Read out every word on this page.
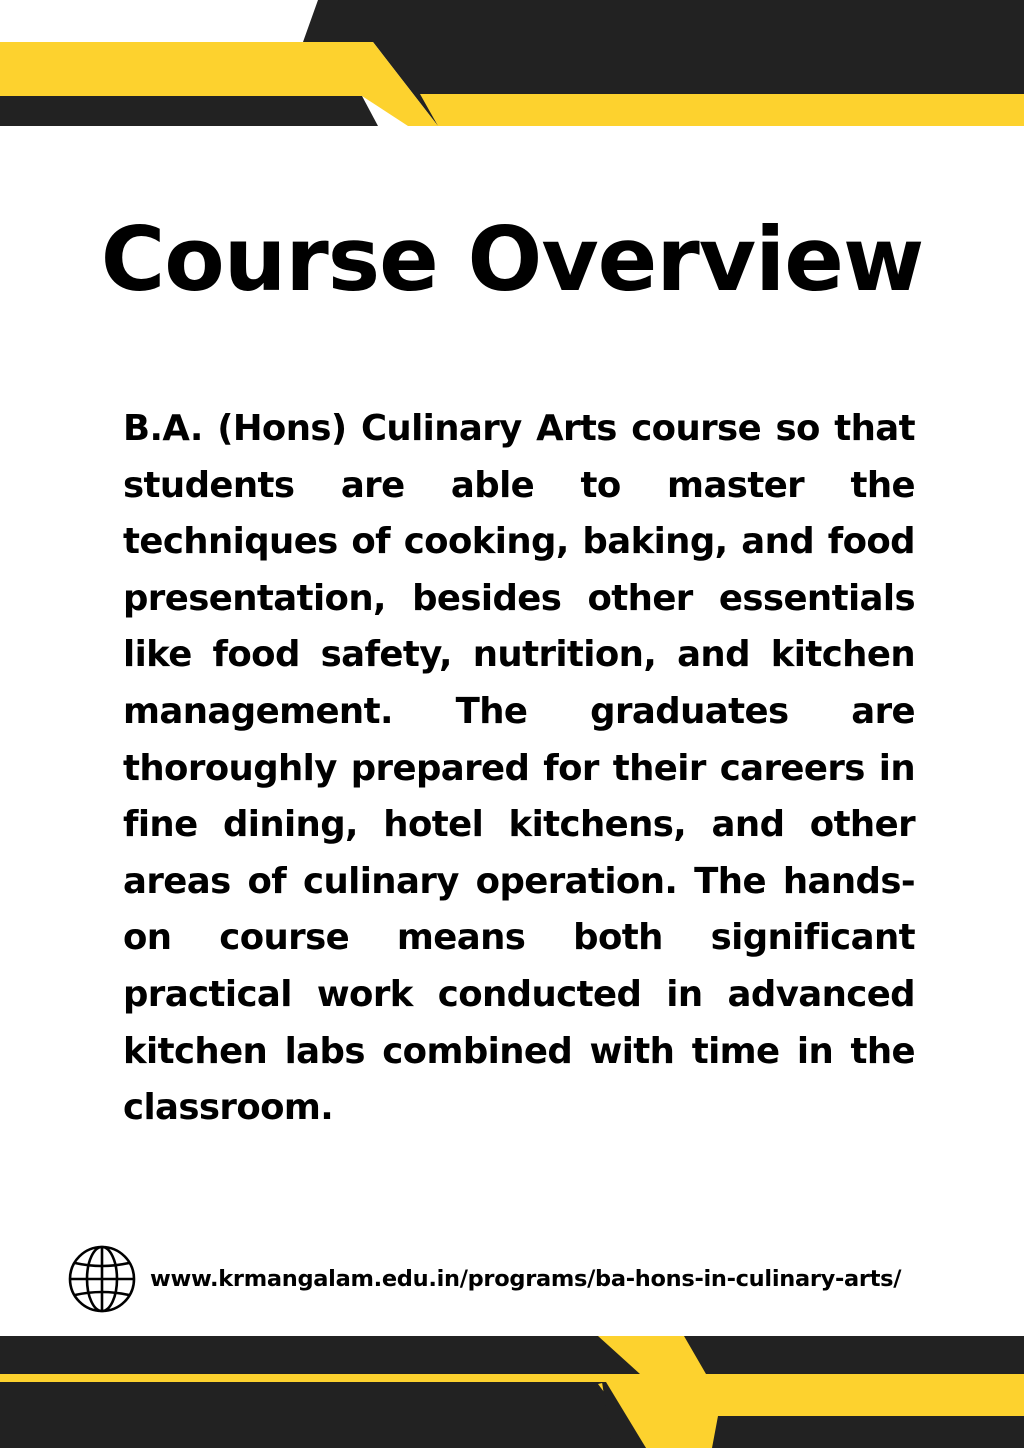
Course Overview

B.A. (Hons) Culinary Arts course so that students are able to master the techniques of cooking, baking, and food presentation, besides other essentials like food safety, nutrition, and kitchen management. The graduates are thoroughly prepared for their careers in fine dining, hotel kitchens, and other areas of culinary operation. The hands-on course means both significant practical work conducted in advanced kitchen labs combined with time in the classroom.

www.krmangalam.edu.in/programs/ba-hons-in-culinary-arts/
